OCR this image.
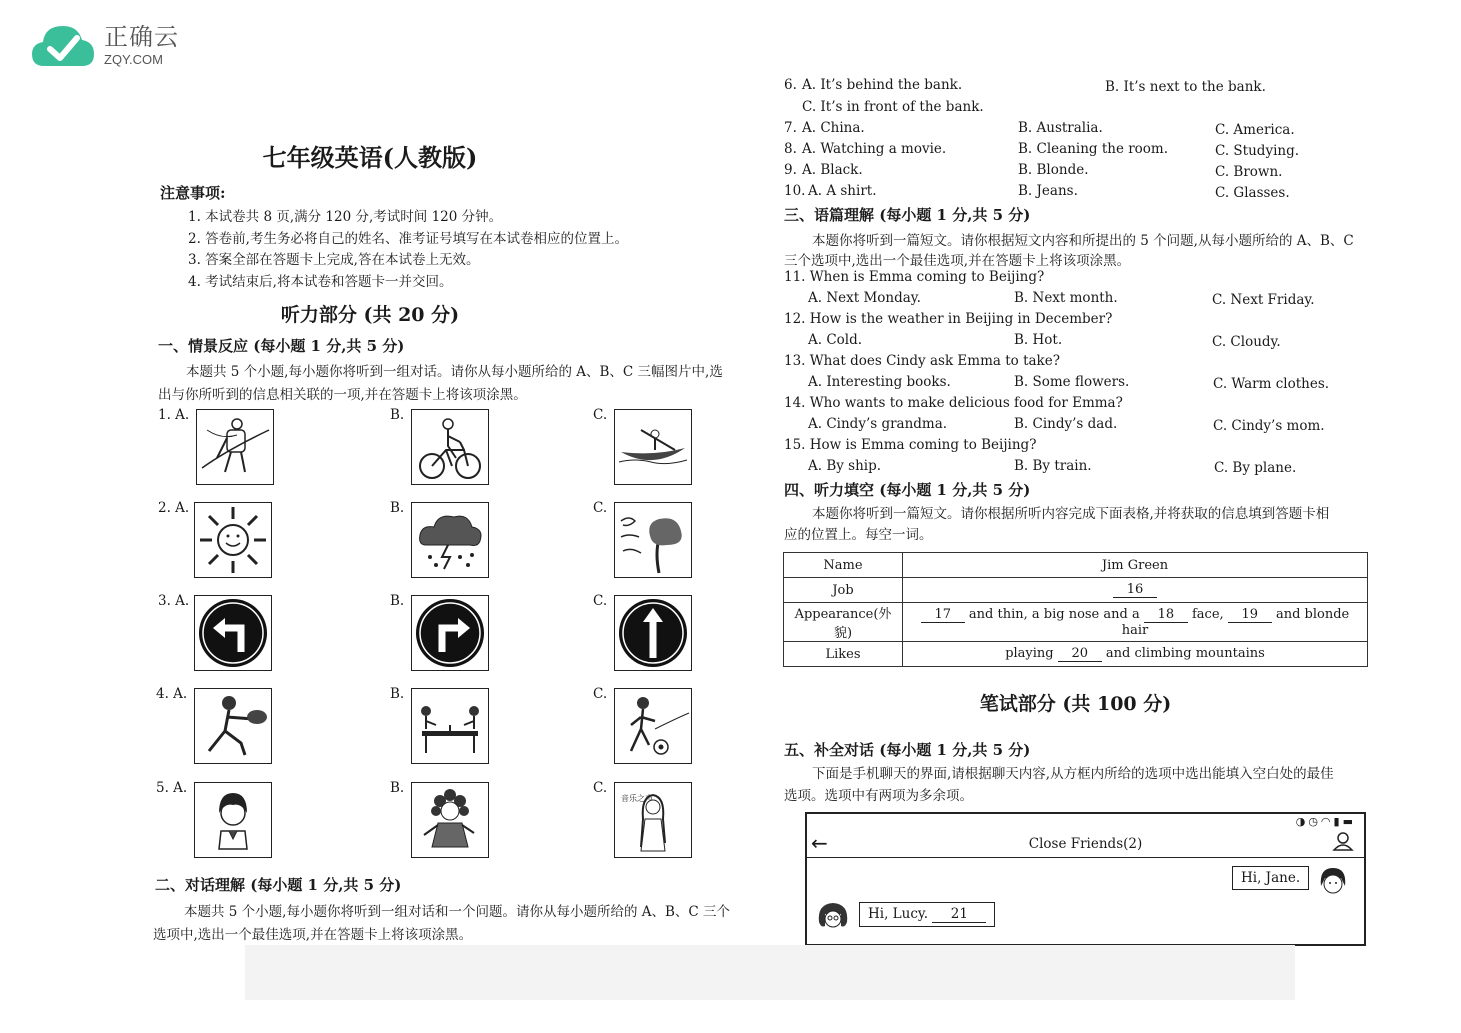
正确云
ZQY.COM
七年级英语(人教版)
注意事项:
1. 本试卷共 8 页,满分 120 分,考试时间 120 分钟。
2. 答卷前,考生务必将自己的姓名、准考证号填写在本试卷相应的位置上。
3. 答案全部在答题卡上完成,答在本试卷上无效。
4. 考试结束后,将本试卷和答题卡一并交回。
听力部分 (共 20 分)
一、情景反应 (每小题 1 分,共 5 分)
本题共 5 个小题,每小题你将听到一组对话。请你从每小题所给的 A、B、C 三幅图片中,选
出与你所听到的信息相关联的一项,并在答题卡上将该项涂黑。
1. A.	B.	C.
2. A.	B.	C.
3. A.	B.	C.
4. A.	B.	C.
5. A.	B.	C.
音乐之声
二、对话理解 (每小题 1 分,共 5 分)
本题共 5 个小题,每小题你将听到一组对话和一个问题。请你从每小题所给的 A、B、C 三个
选项中,选出一个最佳选项,并在答题卡上将该项涂黑。
6. A. It’s behind the bank.	B. It’s next to the bank.
C. It’s in front of the bank.
7. A. China.	B. Australia.	C. America.
8. A. Watching a movie.	B. Cleaning the room.	C. Studying.
9. A. Black.	B. Blonde.	C. Brown.
10. A. A shirt.	B. Jeans.	C. Glasses.
三、语篇理解 (每小题 1 分,共 5 分)
本题你将听到一篇短文。请你根据短文内容和所提出的 5 个问题,从每小题所给的 A、B、C
三个选项中,选出一个最佳选项,并在答题卡上将该项涂黑。
11. When is Emma coming to Beijing?
A. Next Monday.	B. Next month.	C. Next Friday.
12. How is the weather in Beijing in December?
A. Cold.	B. Hot.	C. Cloudy.
13. What does Cindy ask Emma to take?
A. Interesting books.	B. Some flowers.	C. Warm clothes.
14. Who wants to make delicious food for Emma?
A. Cindy’s grandma.	B. Cindy’s dad.	C. Cindy’s mom.
15. How is Emma coming to Beijing?
A. By ship.	B. By train.	C. By plane.
四、听力填空 (每小题 1 分,共 5 分)
本题你将听到一篇短文。请你根据所听内容完成下面表格,并将获取的信息填到答题卡相
应的位置上。每空一词。
Name	Jim Green
Job	16
Appearance(外貌)	17 and thin, a big nose and a 18 face, 19 and blonde hair
Likes	playing 20 and climbing mountains
笔试部分 (共 100 分)
五、补全对话 (每小题 1 分,共 5 分)
下面是手机聊天的界面,请根据聊天内容,从方框内所给的选项中选出能填入空白处的最佳
选项。选项中有两项为多余项。
◑◷◠▮▬
←	Close Friends(2)
Hi, Jane.
Hi, Lucy. 21
